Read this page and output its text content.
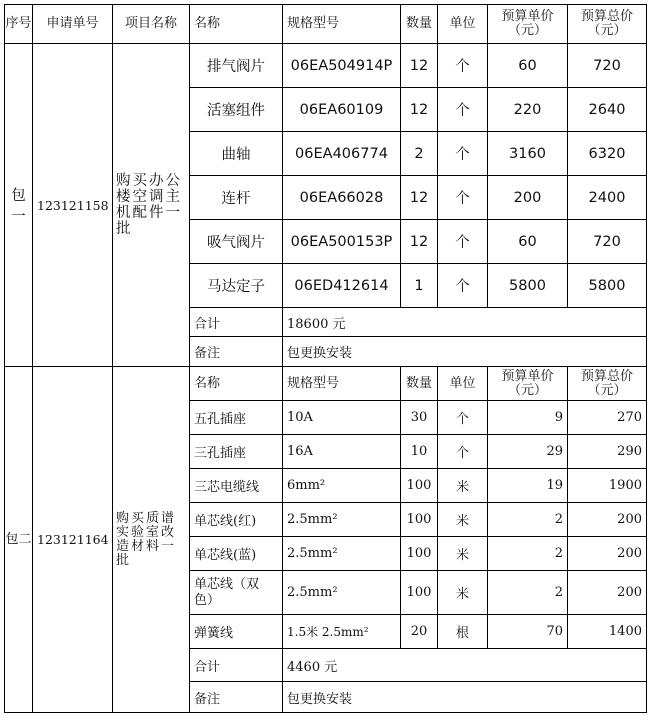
序号	申请单号	项目名称	名称	规格型号	数量	单位	预算单价（元）	预算总价（元）
包一	123121158	购买办公楼空调主机配件一批	排气阀片	06EA504914P	12	个	60	720
			活塞组件	06EA60109	12	个	220	2640
			曲轴	06EA406774	2	个	3160	6320
			连杆	06EA66028	12	个	200	2400
			吸气阀片	06EA500153P	12	个	60	720
			马达定子	06ED412614	1	个	5800	5800
			合计	18600 元				
			备注	包更换安装				
包二	123121164	购买质谱实验室改造材料一批	名称	规格型号	数量	单位	预算单价（元）	预算总价（元）
			五孔插座	10A	30	个	9	270
			三孔插座	16A	10	个	29	290
			三芯电缆线	6mm²	100	米	19	1900
			单芯线(红)	2.5mm²	100	米	2	200
			单芯线(蓝)	2.5mm²	100	米	2	200
			单芯线（双色）	2.5mm²	100	米	2	200
			弹簧线	1.5米 2.5mm²	20	根	70	1400
			合计	4460 元				
			备注	包更换安装				
